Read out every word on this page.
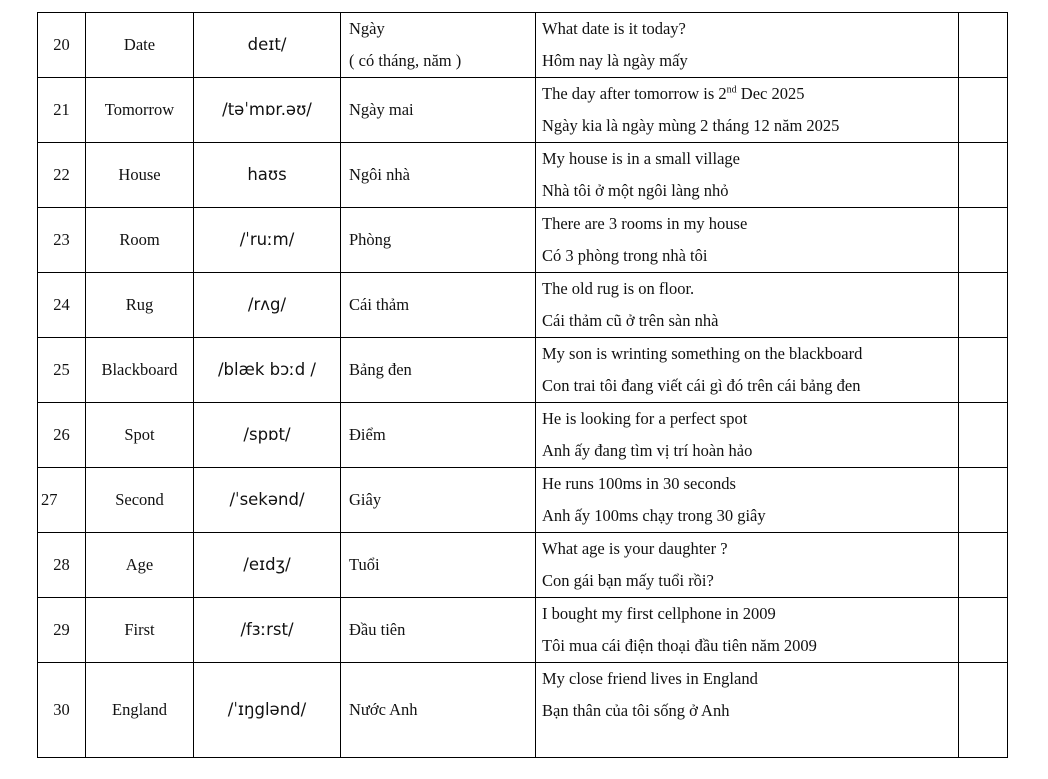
20	Date	deɪt/	Ngày
( có tháng, năm )	What date is it today?
Hôm nay là ngày mấy	

21	Tomorrow	/təˈmɒr.əʊ/	Ngày mai	The day after tomorrow is 2nd Dec 2025
Ngày kia là ngày mùng 2 tháng 12 năm 2025	

22	House	haʊs	Ngôi nhà	My house is in a small village
Nhà tôi ở một ngôi làng nhỏ	

23	Room	/ˈruːm/	Phòng	There are 3 rooms in my house
Có 3 phòng trong nhà tôi	

24	Rug	/rʌg/	Cái thảm	The old rug is on floor.
Cái thảm cũ ở trên sàn nhà	

25	Blackboard	/blæk bɔːd /	Bảng đen	My son is wrinting something on the blackboard
Con trai tôi đang viết cái gì đó trên cái bảng đen	

26	Spot	/spɒt/	Điểm	He is looking for a perfect spot
Anh ấy đang tìm vị trí hoàn hảo	

27	Second	/ˈsekənd/	Giây	He runs 100ms in 30 seconds
Anh ấy 100ms chạy trong 30 giây	

28	Age	/eɪdʒ/	Tuổi	What age is your daughter ?
Con gái bạn mấy tuổi rồi?	

29	First	/fɜːrst/	Đầu tiên	I bought my first cellphone in 2009
Tôi mua cái điện thoại đầu tiên năm 2009	

30	England	/ˈɪŋglənd/	Nước Anh	My close friend lives in England
Bạn thân của tôi sống ở Anh	
